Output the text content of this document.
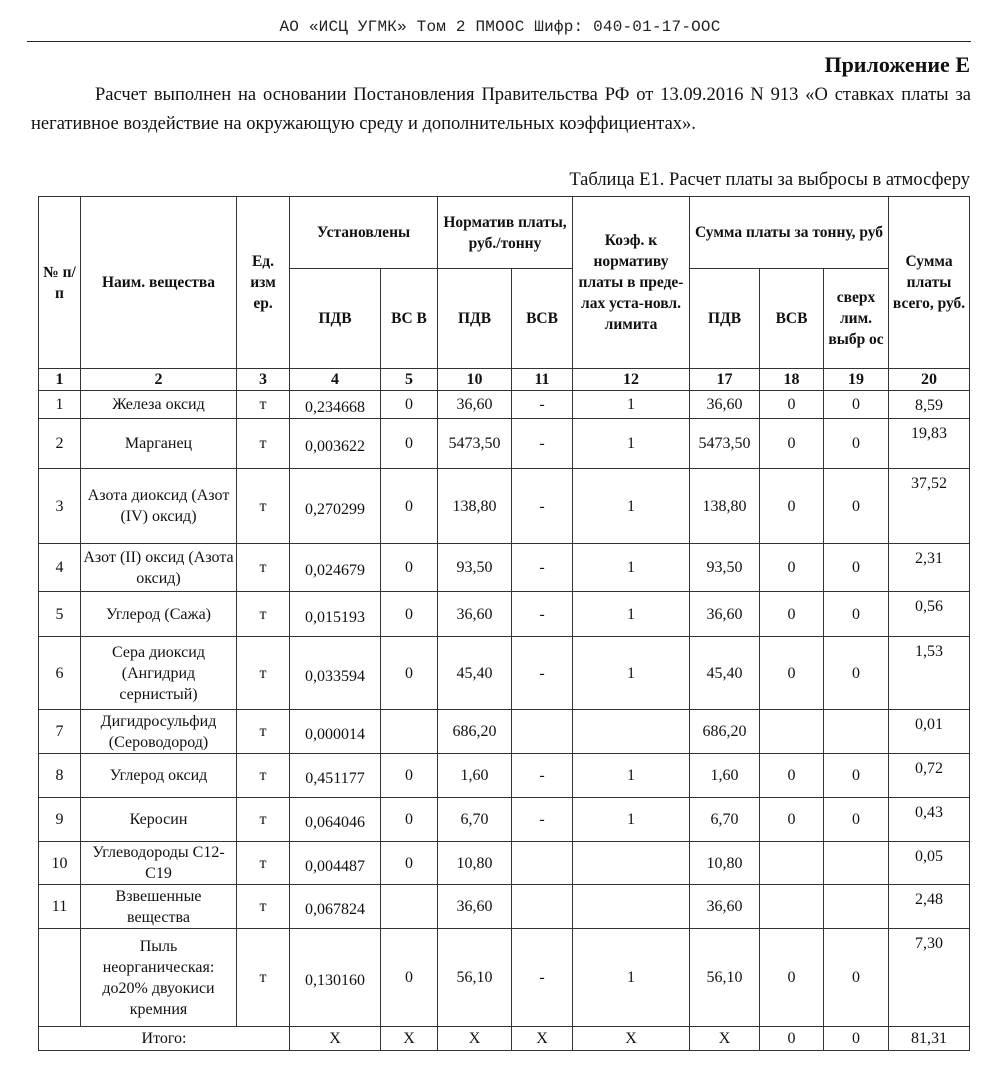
АО «ИСЦ УГМК» Том 2 ПМООС Шифр: 040-01-17-ООС
Приложение Е
Расчет выполнен на основании Постановления Правительства РФ от 13.09.2016 N 913 «О ставках платы за негативное воздействие на окружающую среду и дополнительных коэффициентах».
Таблица Е1. Расчет платы за выбросы в атмосферу
№ п/ п	Наим. вещества	Ед. изм ер.	Установлены		Норматив платы, руб./тонну		Коэф. к нормативу платы в преде-лах уста-новл. лимита	Сумма платы за тонну, руб			Сумма платы всего, руб.
			ПДВ	ВС В	ПДВ	ВСВ		ПДВ	ВСВ	сверх лим. выбр ос	
1	2	3	4	5	10	11	12	17	18	19	20
1	Железа оксид	т	0,234668	0	36,60	-	1	36,60	0	0	8,59
2	Марганец	т	0,003622	0	5473,50	-	1	5473,50	0	0	19,83
3	Азота диоксид (Азот (IV) оксид)	т	0,270299	0	138,80	-	1	138,80	0	0	37,52
4	Азот (II) оксид (Азота оксид)	т	0,024679	0	93,50	-	1	93,50	0	0	2,31
5	Углерод (Сажа)	т	0,015193	0	36,60	-	1	36,60	0	0	0,56
6	Сера диоксид (Ангидрид сернистый)	т	0,033594	0	45,40	-	1	45,40	0	0	1,53
7	Дигидросульфид (Сероводород)	т	0,000014		686,20			686,20			0,01
8	Углерод оксид	т	0,451177	0	1,60	-	1	1,60	0	0	0,72
9	Керосин	т	0,064046	0	6,70	-	1	6,70	0	0	0,43
10	Углеводороды С12-С19	т	0,004487	0	10,80			10,80			0,05
11	Взвешенные вещества	т	0,067824		36,60			36,60			2,48
	Пыль неорганическая: до20% двуокиси кремния	т	0,130160	0	56,10	-	1	56,10	0	0	7,30
Итого:			Х	Х	Х	Х	Х	Х	0	0	81,31
